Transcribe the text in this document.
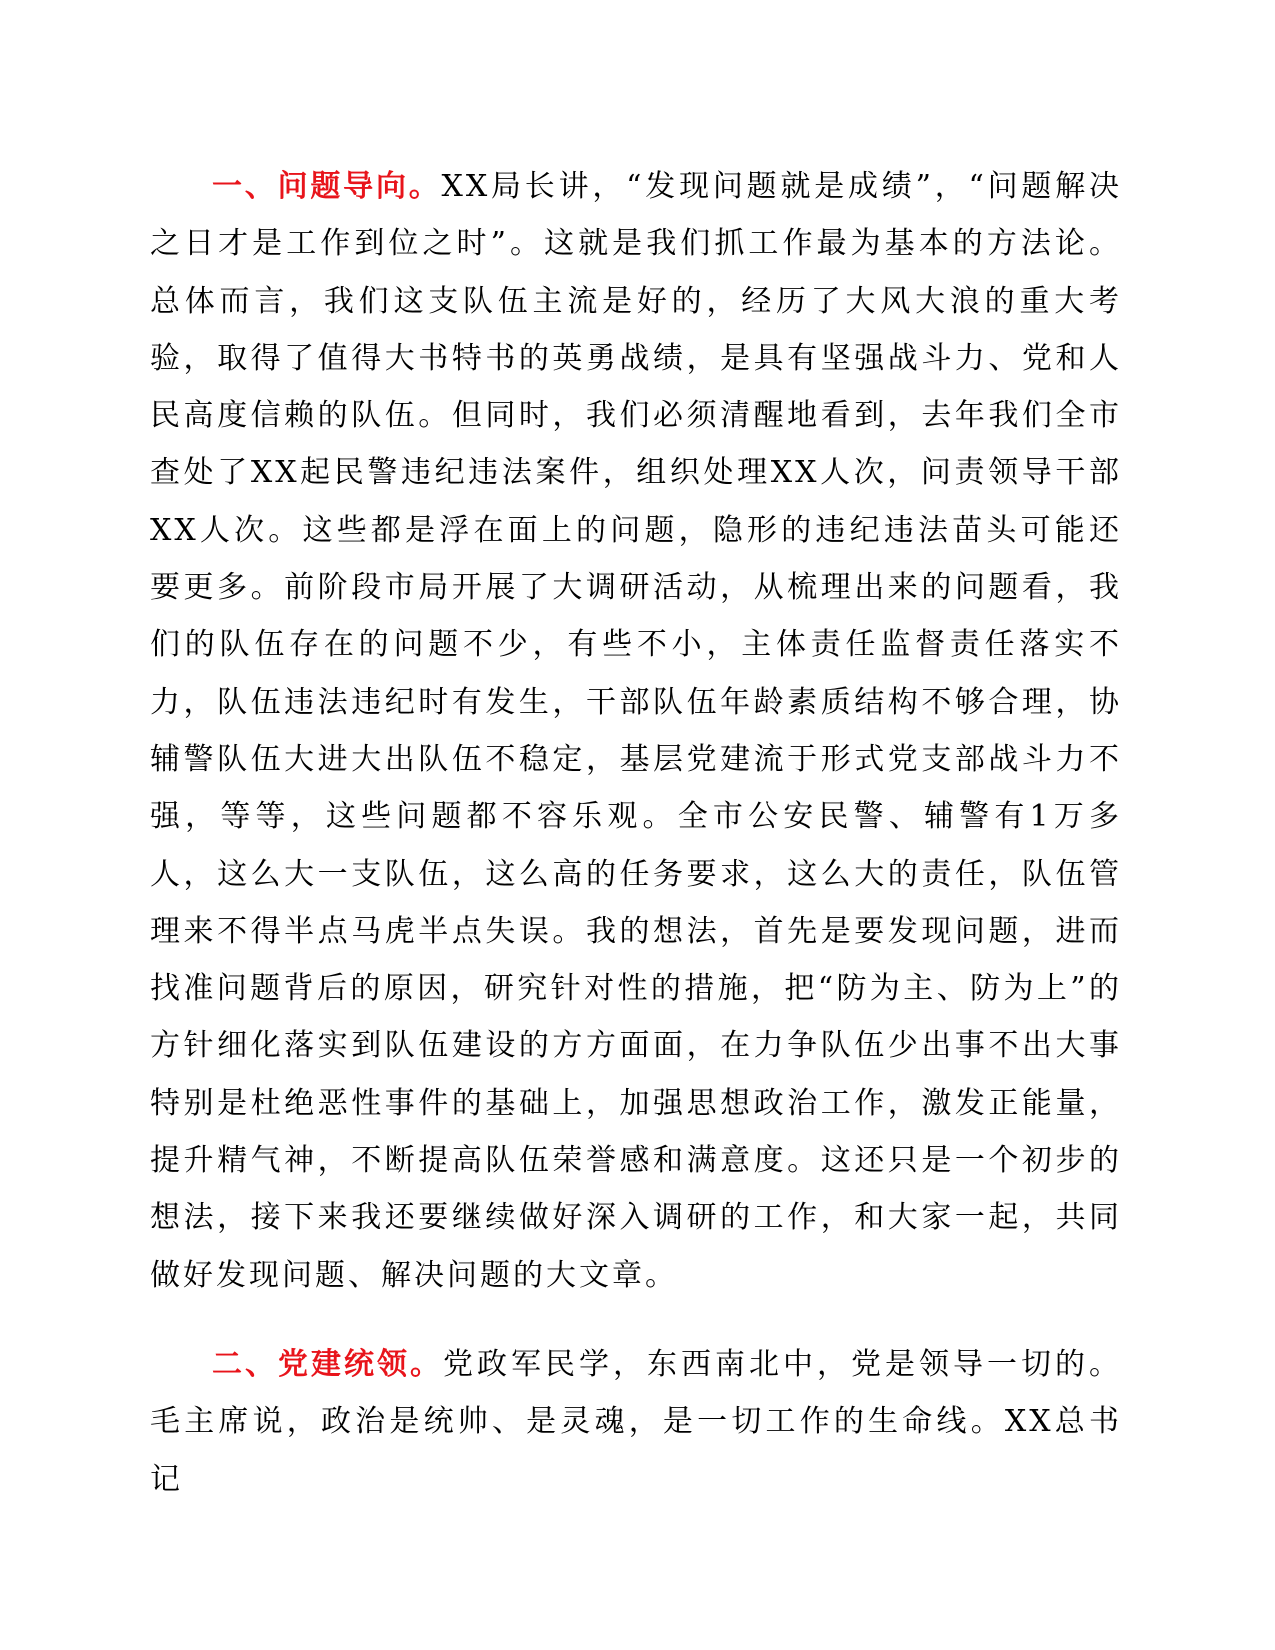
一、问题导向。XX局长讲，“发现问题就是成绩”，“问题解决之日才是工作到位之时”。这就是我们抓工作最为基本的方法论。总体而言，我们这支队伍主流是好的，经历了大风大浪的重大考验，取得了值得大书特书的英勇战绩，是具有坚强战斗力、党和人民高度信赖的队伍。但同时，我们必须清醒地看到，去年我们全市查处了XX起民警违纪违法案件，组织处理XX人次，问责领导干部XX人次。这些都是浮在面上的问题，隐形的违纪违法苗头可能还要更多。前阶段市局开展了大调研活动，从梳理出来的问题看，我们的队伍存在的问题不少，有些不小，主体责任监督责任落实不力，队伍违法违纪时有发生，干部队伍年龄素质结构不够合理，协辅警队伍大进大出队伍不稳定，基层党建流于形式党支部战斗力不强，等等，这些问题都不容乐观。全市公安民警、辅警有1万多人，这么大一支队伍，这么高的任务要求，这么大的责任，队伍管理来不得半点马虎半点失误。我的想法，首先是要发现问题，进而找准问题背后的原因，研究针对性的措施，把“防为主、防为上”的方针细化落实到队伍建设的方方面面，在力争队伍少出事不出大事特别是杜绝恶性事件的基础上，加强思想政治工作，激发正能量，提升精气神，不断提高队伍荣誉感和满意度。这还只是一个初步的想法，接下来我还要继续做好深入调研的工作，和大家一起，共同做好发现问题、解决问题的大文章。

二、党建统领。党政军民学，东西南北中，党是领导一切的。毛主席说，政治是统帅、是灵魂，是一切工作的生命线。XX总书记
